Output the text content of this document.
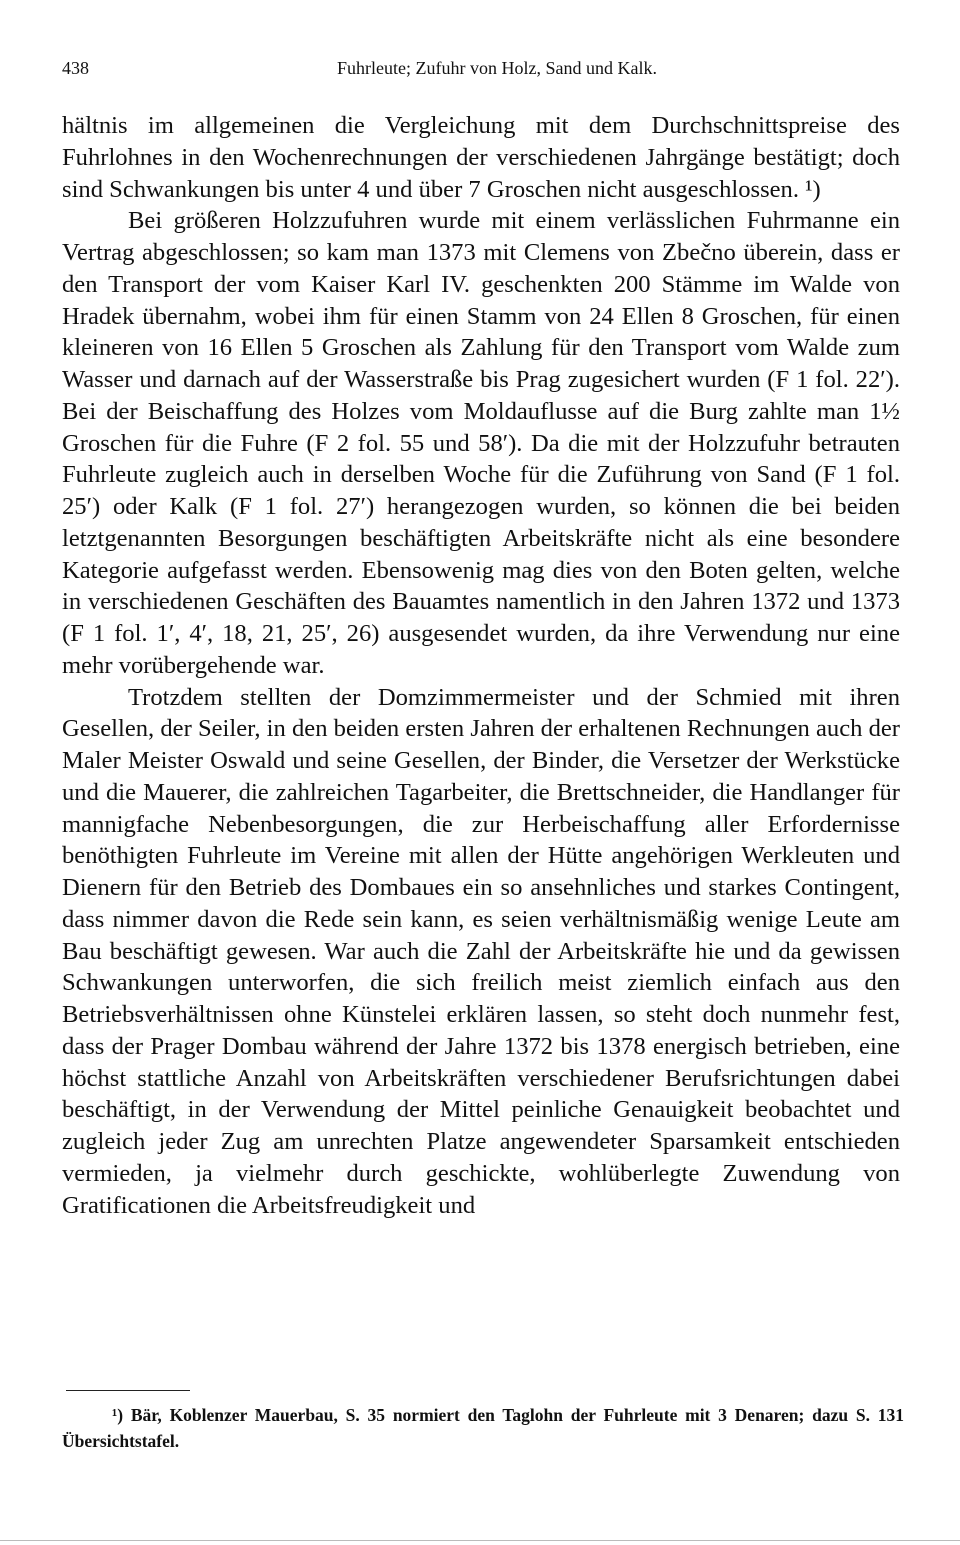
438	Fuhrleute; Zufuhr von Holz, Sand und Kalk.

hältnis im allgemeinen die Vergleichung mit dem Durchschnittspreise des Fuhrlohnes in den Wochenrechnungen der verschiedenen Jahrgänge bestätigt; doch sind Schwankungen bis unter 4 und über 7 Groschen nicht ausgeschlossen. ¹)

Bei größeren Holzzufuhren wurde mit einem verlässlichen Fuhrmanne ein Vertrag abgeschlossen; so kam man 1373 mit Clemens von Zbečno überein, dass er den Transport der vom Kaiser Karl IV. geschenkten 200 Stämme im Walde von Hradek übernahm, wobei ihm für einen Stamm von 24 Ellen 8 Groschen, für einen kleineren von 16 Ellen 5 Groschen als Zahlung für den Transport vom Walde zum Wasser und darnach auf der Wasserstraße bis Prag zugesichert wurden (F 1 fol. 22′). Bei der Beischaffung des Holzes vom Moldauflusse auf die Burg zahlte man 1½ Groschen für die Fuhre (F 2 fol. 55 und 58′). Da die mit der Holzzufuhr betrauten Fuhrleute zugleich auch in derselben Woche für die Zuführung von Sand (F 1 fol. 25′) oder Kalk (F 1 fol. 27′) herangezogen wurden, so können die bei beiden letztgenannten Besorgungen beschäftigten Arbeitskräfte nicht als eine besondere Kategorie aufgefasst werden. Ebensowenig mag dies von den Boten gelten, welche in verschiedenen Geschäften des Bauamtes namentlich in den Jahren 1372 und 1373 (F 1 fol. 1′, 4′, 18, 21, 25′, 26) ausgesendet wurden, da ihre Verwendung nur eine mehr vorübergehende war.

Trotzdem stellten der Domzimmermeister und der Schmied mit ihren Gesellen, der Seiler, in den beiden ersten Jahren der erhaltenen Rechnungen auch der Maler Meister Oswald und seine Gesellen, der Binder, die Versetzer der Werkstücke und die Mauerer, die zahlreichen Tagarbeiter, die Brettschneider, die Handlanger für mannigfache Nebenbesorgungen, die zur Herbeischaffung aller Erfordernisse benöthigten Fuhrleute im Vereine mit allen der Hütte angehörigen Werkleuten und Dienern für den Betrieb des Dombaues ein so ansehnliches und starkes Contingent, dass nimmer davon die Rede sein kann, es seien verhältnismäßig wenige Leute am Bau beschäftigt gewesen. War auch die Zahl der Arbeitskräfte hie und da gewissen Schwankungen unterworfen, die sich freilich meist ziemlich einfach aus den Betriebsverhältnissen ohne Künstelei erklären lassen, so steht doch nunmehr fest, dass der Prager Dombau während der Jahre 1372 bis 1378 energisch betrieben, eine höchst stattliche Anzahl von Arbeitskräften verschiedener Berufsrichtungen dabei beschäftigt, in der Verwendung der Mittel peinliche Genauigkeit beobachtet und zugleich jeder Zug am unrechten Platze angewendeter Sparsamkeit entschieden vermieden, ja vielmehr durch geschickte, wohlüberlegte Zuwendung von Gratificationen die Arbeitsfreudigkeit und

¹) Bär, Koblenzer Mauerbau, S. 35 normiert den Taglohn der Fuhrleute mit 3 Denaren; dazu S. 131 Übersichtstafel.
